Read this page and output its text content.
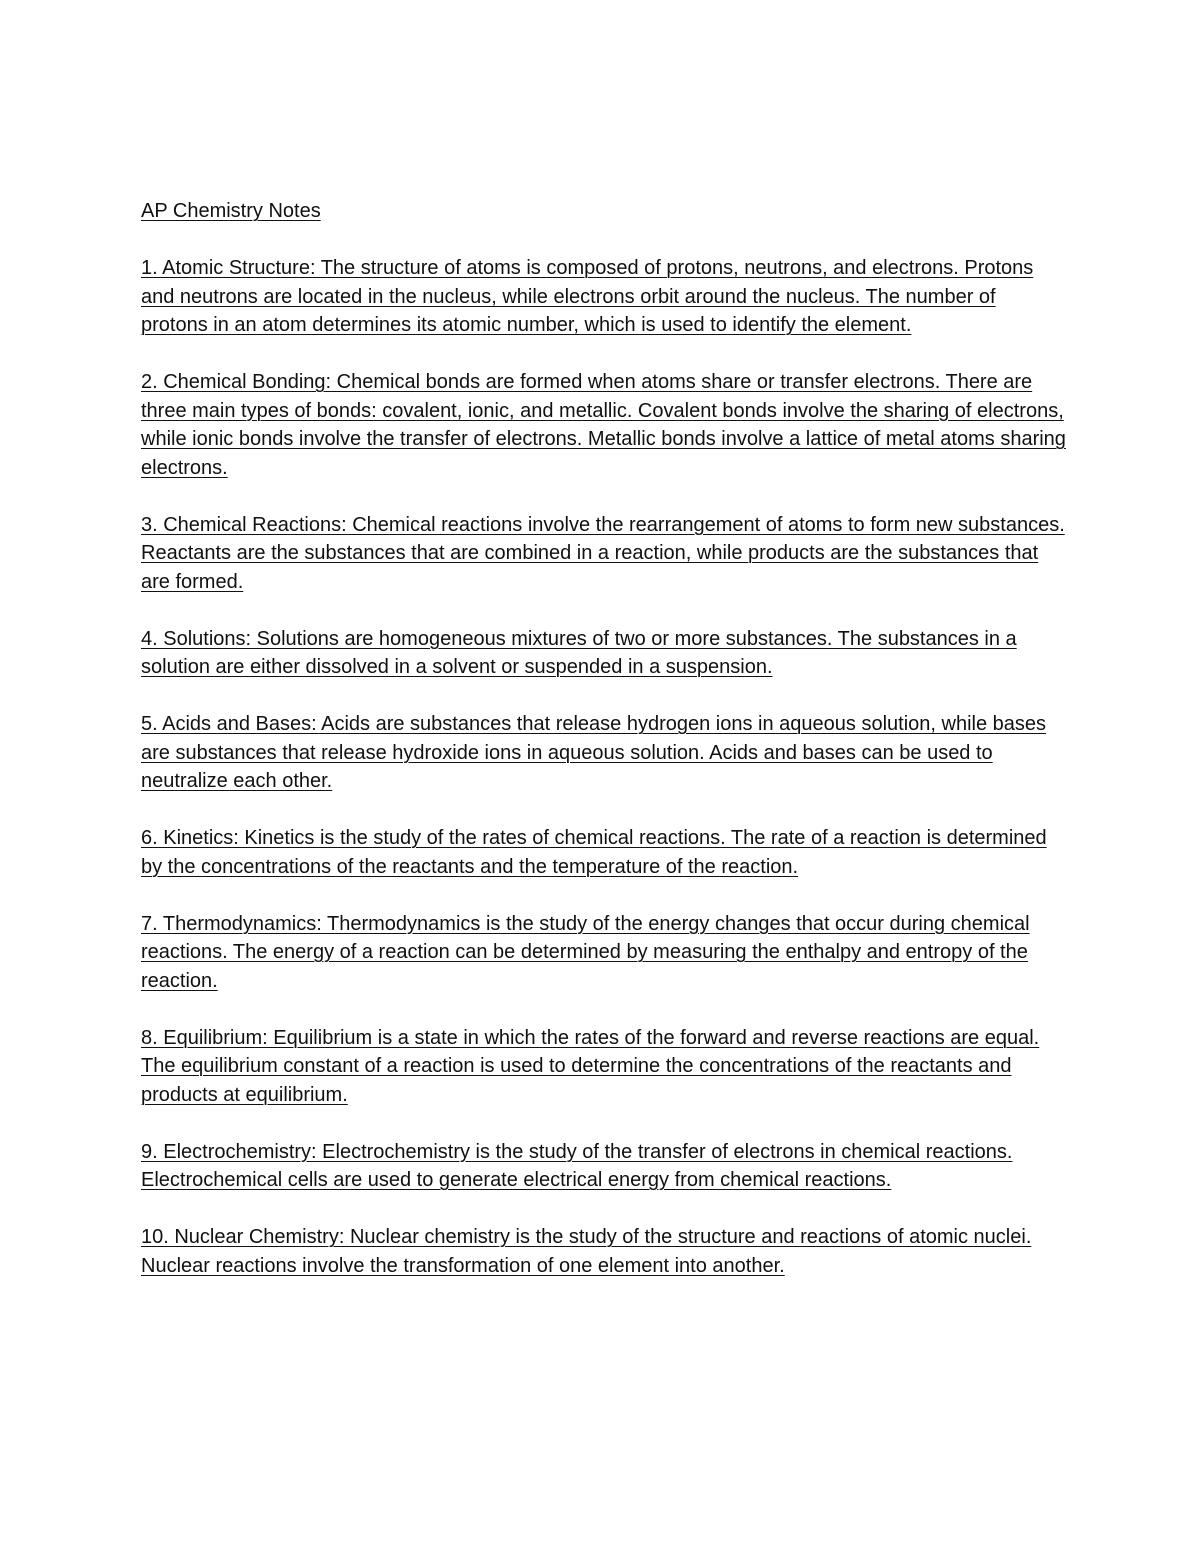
AP Chemistry Notes

1. Atomic Structure: The structure of atoms is composed of protons, neutrons, and electrons. Protons and neutrons are located in the nucleus, while electrons orbit around the nucleus. The number of protons in an atom determines its atomic number, which is used to identify the element.

2. Chemical Bonding: Chemical bonds are formed when atoms share or transfer electrons. There are three main types of bonds: covalent, ionic, and metallic. Covalent bonds involve the sharing of electrons, while ionic bonds involve the transfer of electrons. Metallic bonds involve a lattice of metal atoms sharing electrons.

3. Chemical Reactions: Chemical reactions involve the rearrangement of atoms to form new substances. Reactants are the substances that are combined in a reaction, while products are the substances that are formed.

4. Solutions: Solutions are homogeneous mixtures of two or more substances. The substances in a solution are either dissolved in a solvent or suspended in a suspension.

5. Acids and Bases: Acids are substances that release hydrogen ions in aqueous solution, while bases are substances that release hydroxide ions in aqueous solution. Acids and bases can be used to neutralize each other.

6. Kinetics: Kinetics is the study of the rates of chemical reactions. The rate of a reaction is determined by the concentrations of the reactants and the temperature of the reaction.

7. Thermodynamics: Thermodynamics is the study of the energy changes that occur during chemical reactions. The energy of a reaction can be determined by measuring the enthalpy and entropy of the reaction.

8. Equilibrium: Equilibrium is a state in which the rates of the forward and reverse reactions are equal. The equilibrium constant of a reaction is used to determine the concentrations of the reactants and products at equilibrium.

9. Electrochemistry: Electrochemistry is the study of the transfer of electrons in chemical reactions. Electrochemical cells are used to generate electrical energy from chemical reactions.

10. Nuclear Chemistry: Nuclear chemistry is the study of the structure and reactions of atomic nuclei. Nuclear reactions involve the transformation of one element into another.
